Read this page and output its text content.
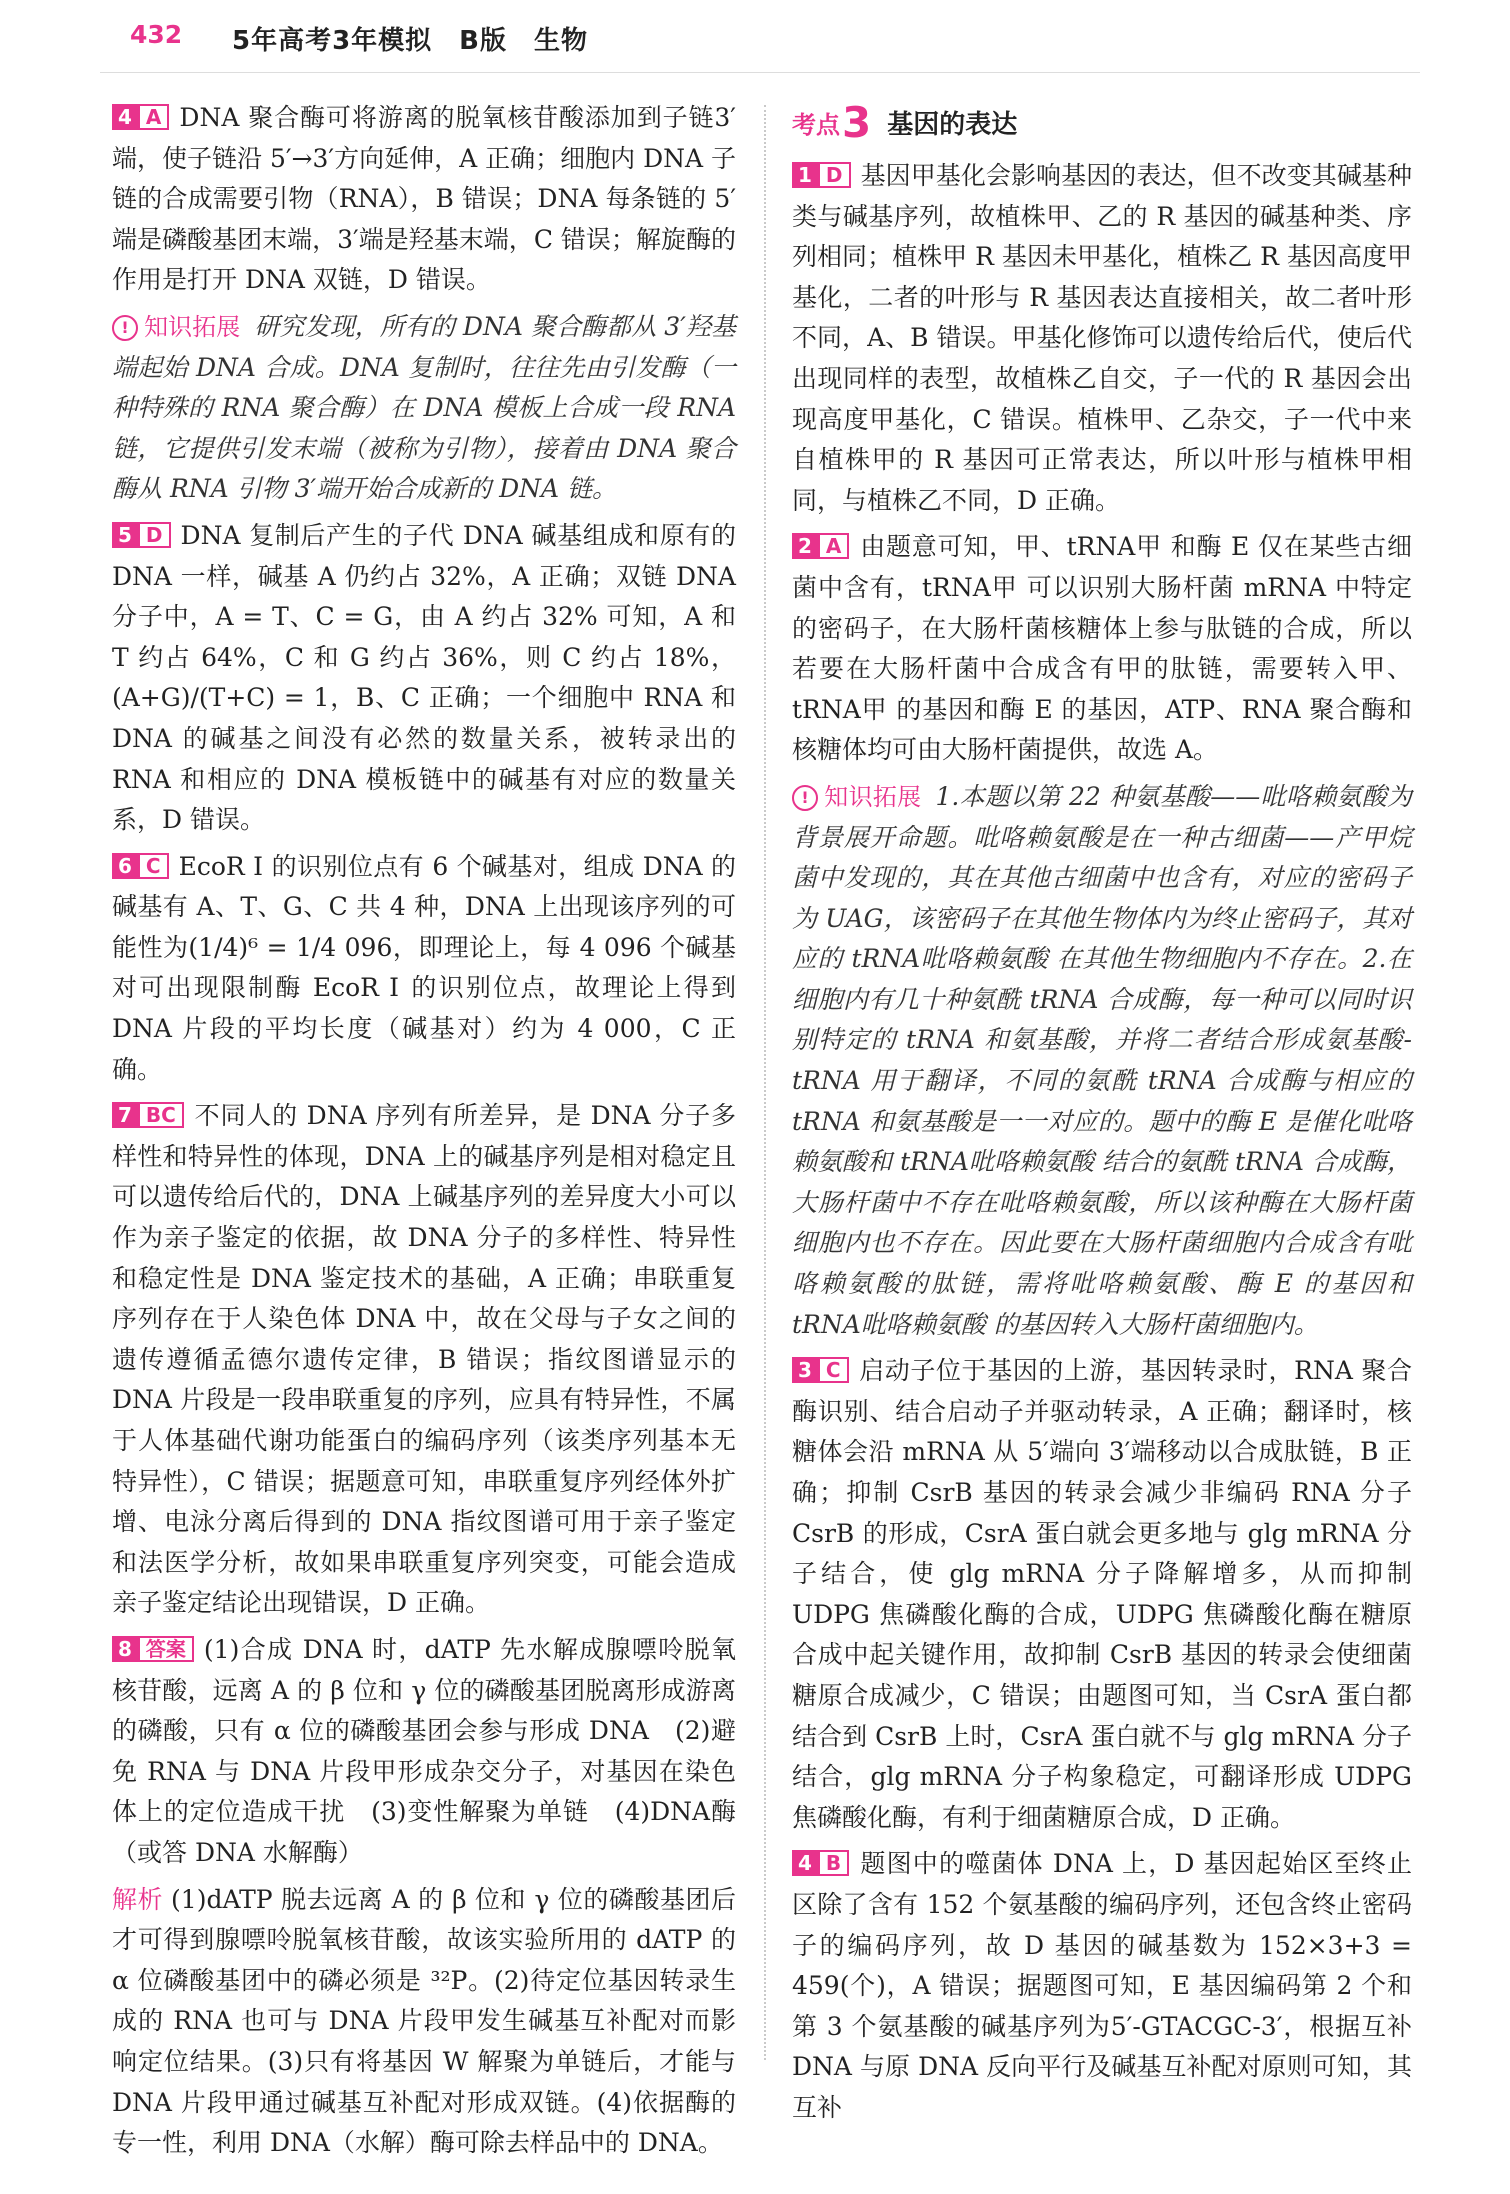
432 5年高考3年模拟　B版　生物

4 A DNA 聚合酶可将游离的脱氧核苷酸添加到子链3′端，使子链沿 5′→3′方向延伸，A 正确；细胞内 DNA 子链的合成需要引物（RNA），B 错误；DNA 每条链的 5′端是磷酸基团末端，3′端是羟基末端，C 错误；解旋酶的作用是打开 DNA 双链，D 错误。

! 知识拓展 研究发现，所有的 DNA 聚合酶都从 3′羟基端起始 DNA 合成。DNA 复制时，往往先由引发酶（一种特殊的 RNA 聚合酶）在 DNA 模板上合成一段 RNA 链，它提供引发末端（被称为引物），接着由 DNA 聚合酶从 RNA 引物 3′端开始合成新的 DNA 链。

5 D DNA 复制后产生的子代 DNA 碱基组成和原有的 DNA 一样，碱基 A 仍约占 32%，A 正确；双链 DNA 分子中，A = T、C = G，由 A 约占 32% 可知，A 和 T 约占 64%，C 和 G 约占 36%，则 C 约占 18%，(A+G)/(T+C) = 1，B、C 正确；一个细胞中 RNA 和 DNA 的碱基之间没有必然的数量关系，被转录出的 RNA 和相应的 DNA 模板链中的碱基有对应的数量关系，D 错误。

6 C EcoR Ⅰ 的识别位点有 6 个碱基对，组成 DNA 的碱基有 A、T、G、C 共 4 种，DNA 上出现该序列的可能性为(1/4)⁶ = 1/4 096，即理论上，每 4 096 个碱基对可出现限制酶 EcoR Ⅰ 的识别位点，故理论上得到 DNA 片段的平均长度（碱基对）约为 4 000，C 正确。

7 BC 不同人的 DNA 序列有所差异，是 DNA 分子多样性和特异性的体现，DNA 上的碱基序列是相对稳定且可以遗传给后代的，DNA 上碱基序列的差异度大小可以作为亲子鉴定的依据，故 DNA 分子的多样性、特异性和稳定性是 DNA 鉴定技术的基础，A 正确；串联重复序列存在于人染色体 DNA 中，故在父母与子女之间的遗传遵循孟德尔遗传定律，B 错误；指纹图谱显示的 DNA 片段是一段串联重复的序列，应具有特异性，不属于人体基础代谢功能蛋白的编码序列（该类序列基本无特异性），C 错误；据题意可知，串联重复序列经体外扩增、电泳分离后得到的 DNA 指纹图谱可用于亲子鉴定和法医学分析，故如果串联重复序列突变，可能会造成亲子鉴定结论出现错误，D 正确。

8 答案 (1)合成 DNA 时，dATP 先水解成腺嘌呤脱氧核苷酸，远离 A 的 β 位和 γ 位的磷酸基团脱离形成游离的磷酸，只有 α 位的磷酸基团会参与形成 DNA　(2)避免 RNA 与 DNA 片段甲形成杂交分子，对基因在染色体上的定位造成干扰　(3)变性解聚为单链　(4)DNA酶（或答 DNA 水解酶）

解析 (1)dATP 脱去远离 A 的 β 位和 γ 位的磷酸基团后才可得到腺嘌呤脱氧核苷酸，故该实验所用的 dATP 的 α 位磷酸基团中的磷必须是 ³²P。(2)待定位基因转录生成的 RNA 也可与 DNA 片段甲发生碱基互补配对而影响定位结果。(3)只有将基因 W 解聚为单链后，才能与 DNA 片段甲通过碱基互补配对形成双链。(4)依据酶的专一性，利用 DNA（水解）酶可除去样品中的 DNA。

考点3 基因的表达

1 D 基因甲基化会影响基因的表达，但不改变其碱基种类与碱基序列，故植株甲、乙的 R 基因的碱基种类、序列相同；植株甲 R 基因未甲基化，植株乙 R 基因高度甲基化，二者的叶形与 R 基因表达直接相关，故二者叶形不同，A、B 错误。甲基化修饰可以遗传给后代，使后代出现同样的表型，故植株乙自交，子一代的 R 基因会出现高度甲基化，C 错误。植株甲、乙杂交，子一代中来自植株甲的 R 基因可正常表达，所以叶形与植株甲相同，与植株乙不同，D 正确。

2 A 由题意可知，甲、tRNA甲 和酶 E 仅在某些古细菌中含有，tRNA甲 可以识别大肠杆菌 mRNA 中特定的密码子，在大肠杆菌核糖体上参与肽链的合成，所以若要在大肠杆菌中合成含有甲的肽链，需要转入甲、tRNA甲 的基因和酶 E 的基因，ATP、RNA 聚合酶和核糖体均可由大肠杆菌提供，故选 A。

! 知识拓展 1.本题以第 22 种氨基酸——吡咯赖氨酸为背景展开命题。吡咯赖氨酸是在一种古细菌——产甲烷菌中发现的，其在其他古细菌中也含有，对应的密码子为 UAG，该密码子在其他生物体内为终止密码子，其对应的 tRNA吡咯赖氨酸 在其他生物细胞内不存在。2.在细胞内有几十种氨酰 tRNA 合成酶，每一种可以同时识别特定的 tRNA 和氨基酸，并将二者结合形成氨基酸-tRNA 用于翻译，不同的氨酰 tRNA 合成酶与相应的 tRNA 和氨基酸是一一对应的。题中的酶 E 是催化吡咯赖氨酸和 tRNA吡咯赖氨酸 结合的氨酰 tRNA 合成酶，大肠杆菌中不存在吡咯赖氨酸，所以该种酶在大肠杆菌细胞内也不存在。因此要在大肠杆菌细胞内合成含有吡咯赖氨酸的肽链，需将吡咯赖氨酸、酶 E 的基因和 tRNA吡咯赖氨酸 的基因转入大肠杆菌细胞内。

3 C 启动子位于基因的上游，基因转录时，RNA 聚合酶识别、结合启动子并驱动转录，A 正确；翻译时，核糖体会沿 mRNA 从 5′端向 3′端移动以合成肽链，B 正确；抑制 CsrB 基因的转录会减少非编码 RNA 分子 CsrB 的形成，CsrA 蛋白就会更多地与 glg mRNA 分子结合，使 glg mRNA 分子降解增多，从而抑制 UDPG 焦磷酸化酶的合成，UDPG 焦磷酸化酶在糖原合成中起关键作用，故抑制 CsrB 基因的转录会使细菌糖原合成减少，C 错误；由题图可知，当 CsrA 蛋白都结合到 CsrB 上时，CsrA 蛋白就不与 glg mRNA 分子结合，glg mRNA 分子构象稳定，可翻译形成 UDPG 焦磷酸化酶，有利于细菌糖原合成，D 正确。

4 B 题图中的噬菌体 DNA 上，D 基因起始区至终止区除了含有 152 个氨基酸的编码序列，还包含终止密码子的编码序列，故 D 基因的碱基数为 152×3+3 = 459(个)，A 错误；据题图可知，E 基因编码第 2 个和第 3 个氨基酸的碱基序列为5′-GTACGC-3′，根据互补 DNA 与原 DNA 反向平行及碱基互补配对原则可知，其互补
